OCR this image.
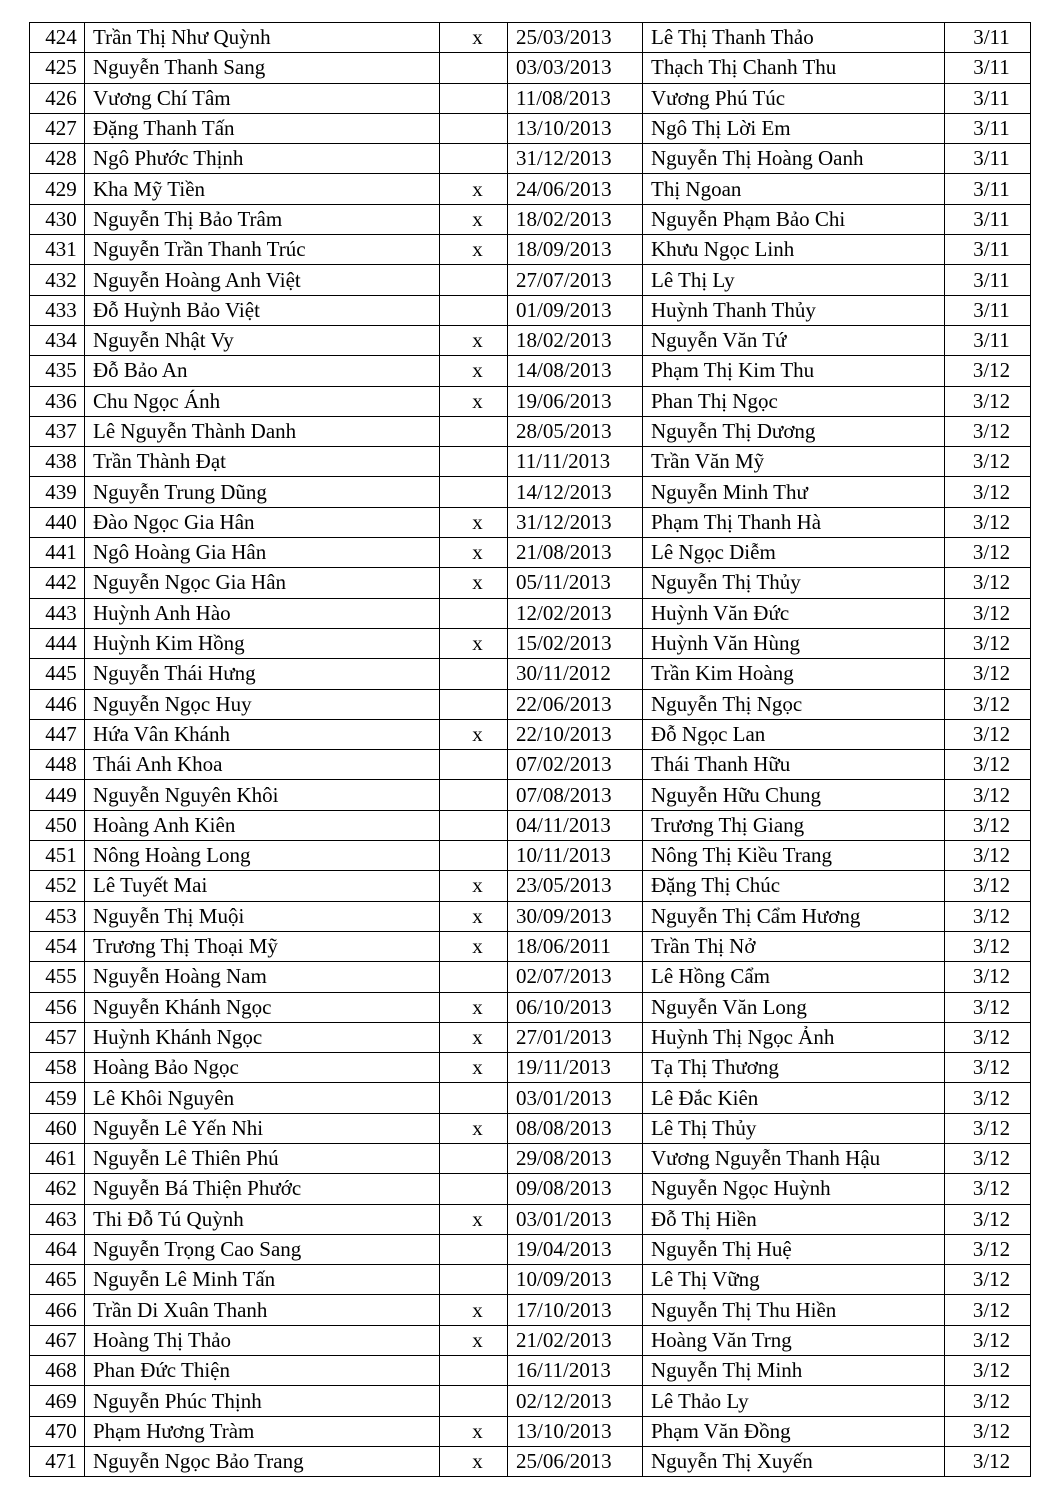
424	Trần Thị Như Quỳnh	x	25/03/2013	Lê Thị Thanh Thảo	3/11
425	Nguyễn Thanh Sang		03/03/2013	Thạch Thị Chanh Thu	3/11
426	Vương Chí Tâm		11/08/2013	Vương Phú Túc	3/11
427	Đặng Thanh Tấn		13/10/2013	Ngô Thị Lời Em	3/11
428	Ngô Phước Thịnh		31/12/2013	Nguyễn Thị Hoàng Oanh	3/11
429	Kha Mỹ Tiền	x	24/06/2013	Thị Ngoan	3/11
430	Nguyễn Thị Bảo Trâm	x	18/02/2013	Nguyễn Phạm Bảo Chi	3/11
431	Nguyễn Trần Thanh Trúc	x	18/09/2013	Khưu Ngọc Linh	3/11
432	Nguyễn Hoàng Anh Việt		27/07/2013	Lê Thị Ly	3/11
433	Đỗ Huỳnh Bảo Việt		01/09/2013	Huỳnh Thanh Thủy	3/11
434	Nguyễn Nhật Vy	x	18/02/2013	Nguyễn Văn Tứ	3/11
435	Đỗ Bảo An	x	14/08/2013	Phạm Thị Kim Thu	3/12
436	Chu Ngọc Ánh	x	19/06/2013	Phan Thị Ngọc	3/12
437	Lê Nguyễn Thành Danh		28/05/2013	Nguyễn Thị Dương	3/12
438	Trần Thành Đạt		11/11/2013	Trần Văn Mỹ	3/12
439	Nguyễn Trung Dũng		14/12/2013	Nguyễn Minh Thư	3/12
440	Đào Ngọc Gia Hân	x	31/12/2013	Phạm Thị Thanh Hà	3/12
441	Ngô Hoàng Gia Hân	x	21/08/2013	Lê Ngọc Diễm	3/12
442	Nguyễn Ngọc Gia Hân	x	05/11/2013	Nguyễn Thị Thủy	3/12
443	Huỳnh Anh Hào		12/02/2013	Huỳnh Văn Đức	3/12
444	Huỳnh Kim Hồng	x	15/02/2013	Huỳnh Văn Hùng	3/12
445	Nguyễn Thái Hưng		30/11/2012	Trần Kim Hoàng	3/12
446	Nguyễn Ngọc Huy		22/06/2013	Nguyễn Thị Ngọc	3/12
447	Hứa Vân Khánh	x	22/10/2013	Đỗ Ngọc Lan	3/12
448	Thái Anh Khoa		07/02/2013	Thái Thanh Hữu	3/12
449	Nguyễn Nguyên Khôi		07/08/2013	Nguyễn Hữu Chung	3/12
450	Hoàng Anh Kiên		04/11/2013	Trương Thị Giang	3/12
451	Nông Hoàng Long		10/11/2013	Nông Thị Kiều Trang	3/12
452	Lê Tuyết Mai	x	23/05/2013	Đặng Thị Chúc	3/12
453	Nguyễn Thị Muội	x	30/09/2013	Nguyễn Thị Cẩm Hương	3/12
454	Trương Thị Thoại Mỹ	x	18/06/2011	Trần Thị Nở	3/12
455	Nguyễn Hoàng Nam		02/07/2013	Lê Hồng Cẩm	3/12
456	Nguyễn Khánh Ngọc	x	06/10/2013	Nguyễn Văn Long	3/12
457	Huỳnh Khánh Ngọc	x	27/01/2013	Huỳnh Thị Ngọc Ảnh	3/12
458	Hoàng Bảo Ngọc	x	19/11/2013	Tạ Thị Thương	3/12
459	Lê Khôi Nguyên		03/01/2013	Lê Đắc Kiên	3/12
460	Nguyễn Lê Yến Nhi	x	08/08/2013	Lê Thị Thủy	3/12
461	Nguyễn Lê Thiên Phú		29/08/2013	Vương Nguyễn Thanh Hậu	3/12
462	Nguyễn Bá Thiện Phước		09/08/2013	Nguyễn Ngọc Huỳnh	3/12
463	Thi Đỗ Tú Quỳnh	x	03/01/2013	Đỗ Thị Hiền	3/12
464	Nguyễn Trọng Cao Sang		19/04/2013	Nguyễn Thị Huệ	3/12
465	Nguyễn Lê Minh Tấn		10/09/2013	Lê Thị Vững	3/12
466	Trần Di Xuân Thanh	x	17/10/2013	Nguyễn Thị Thu Hiền	3/12
467	Hoàng Thị Thảo	x	21/02/2013	Hoàng Văn Trng	3/12
468	Phan Đức Thiện		16/11/2013	Nguyễn Thị Minh	3/12
469	Nguyễn Phúc Thịnh		02/12/2013	Lê Thảo Ly	3/12
470	Phạm Hương Tràm	x	13/10/2013	Phạm Văn Đồng	3/12
471	Nguyễn Ngọc Bảo Trang	x	25/06/2013	Nguyễn Thị Xuyến	3/12
